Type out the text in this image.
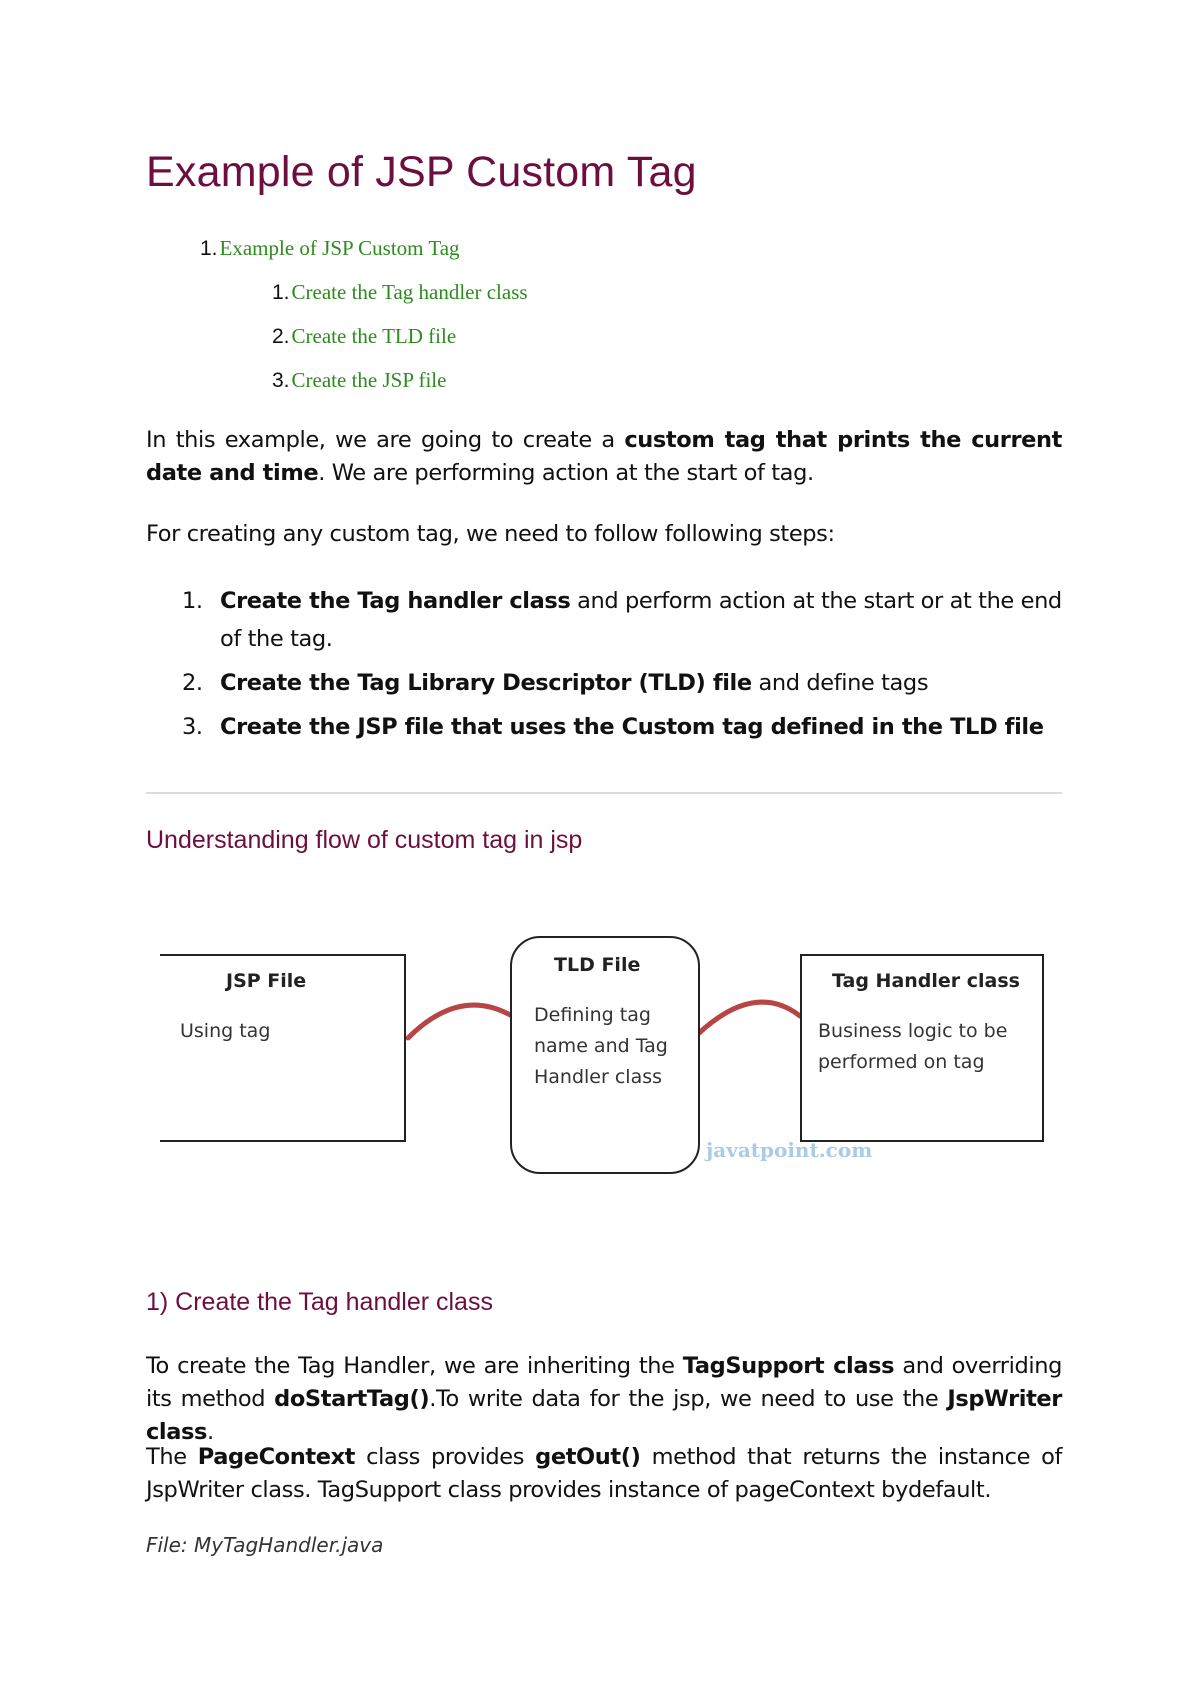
Example of JSP Custom Tag
1.Example of JSP Custom Tag
1.Create the Tag handler class
2.Create the TLD file
3.Create the JSP file

In this example, we are going to create a custom tag that prints the current date and time. We are performing action at the start of tag.

For creating any custom tag, we need to follow following steps:

1. Create the Tag handler class and perform action at the start or at the end of the tag.
2. Create the Tag Library Descriptor (TLD) file and define tags
3. Create the JSP file that uses the Custom tag defined in the TLD file
Understanding flow of custom tag in jsp
JSP File
Using tag
TLD File
Defining tag
name and Tag
Handler class
Tag Handler class
Business logic to be
performed on tag
javatpoint.com
1) Create the Tag handler class

To create the Tag Handler, we are inheriting the TagSupport class and overriding its method doStartTag().To write data for the jsp, we need to use the JspWriter class.

The PageContext class provides getOut() method that returns the instance of JspWriter class. TagSupport class provides instance of pageContext bydefault.

File: MyTagHandler.java
